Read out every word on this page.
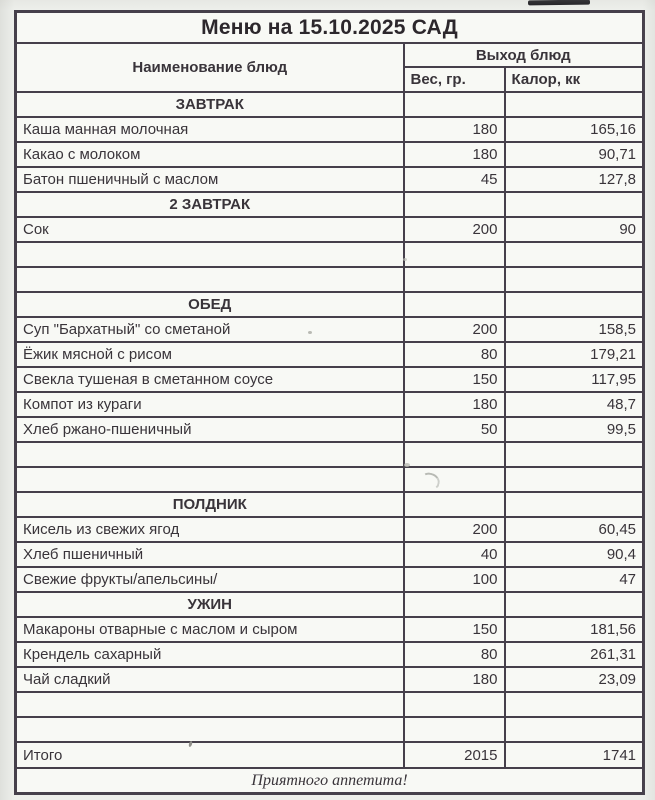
Меню на 15.10.2025 САД		
Наименование блюд	Выход блюд	
	Вес, гр.	Калор, кк
ЗАВТРАК		
Каша манная молочная	180	165,16
Какао с молоком	180	90,71
Батон пшеничный с маслом	45	127,8
2 ЗАВТРАК		
Сок	200	90

ОБЕД		
Суп "Бархатный" со сметаной	200	158,5
Ёжик мясной с рисом	80	179,21
Свекла тушеная в сметанном соусе	150	117,95
Компот из кураги	180	48,7
Хлеб ржано-пшеничный	50	99,5

ПОЛДНИК		
Кисель из свежих ягод	200	60,45
Хлеб пшеничный	40	90,4
Свежие фрукты/апельсины/	100	47
УЖИН		
Макароны отварные с маслом и сыром	150	181,56
Крендель сахарный	80	261,31
Чай сладкий	180	23,09

Итого	2015	1741
Приятного аппетита!		
